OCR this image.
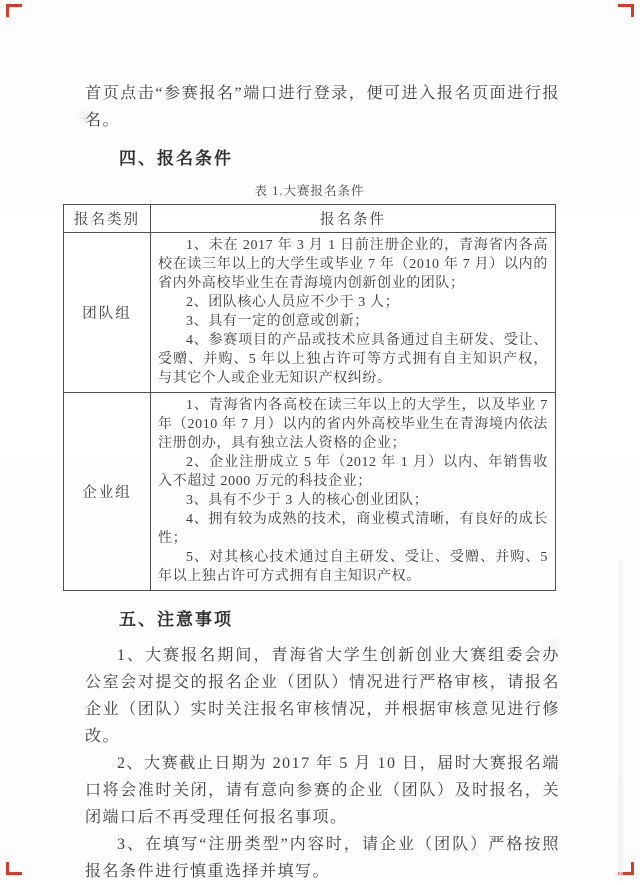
首页点击“参赛报名”端口进行登录，便可进入报名页面进行报名。

四、报名条件
表 1.大赛报名条件
报名类别	报名条件
团队组	1、未在 2017 年 3 月 1 日前注册企业的，青海省内各高校在读三年以上的大学生或毕业 7 年（2010 年 7 月）以内的省内外高校毕业生在青海境内创新创业的团队；

2、团队核心人员应不少于 3 人；

3、具有一定的创意或创新；

4、参赛项目的产品或技术应具备通过自主研发、受让、受赠、并购、5 年以上独占许可等方式拥有自主知识产权，与其它个人或企业无知识产权纠纷。

企业组	1、青海省内各高校在读三年以上的大学生，以及毕业 7 年（2010 年 7 月）以内的省内外高校毕业生在青海境内依法注册创办，具有独立法人资格的企业；

2、企业注册成立 5 年（2012 年 1 月）以内、年销售收入不超过 2000 万元的科技企业；

3、具有不少于 3 人的核心创业团队；

4、拥有较为成熟的技术，商业模式清晰，有良好的成长性；

5、对其核心技术通过自主研发、受让、受赠、并购、5 年以上独占许可方式拥有自主知识产权。

五、注意事项

1、大赛报名期间，青海省大学生创新创业大赛组委会办公室会对提交的报名企业（团队）情况进行严格审核，请报名企业（团队）实时关注报名审核情况，并根据审核意见进行修改。

2、大赛截止日期为 2017 年 5 月 10 日，届时大赛报名端口将会准时关闭，请有意向参赛的企业（团队）及时报名，关闭端口后不再受理任何报名事项。

3、在填写“注册类型”内容时，请企业（团队）严格按照报名条件进行慎重选择并填写。
